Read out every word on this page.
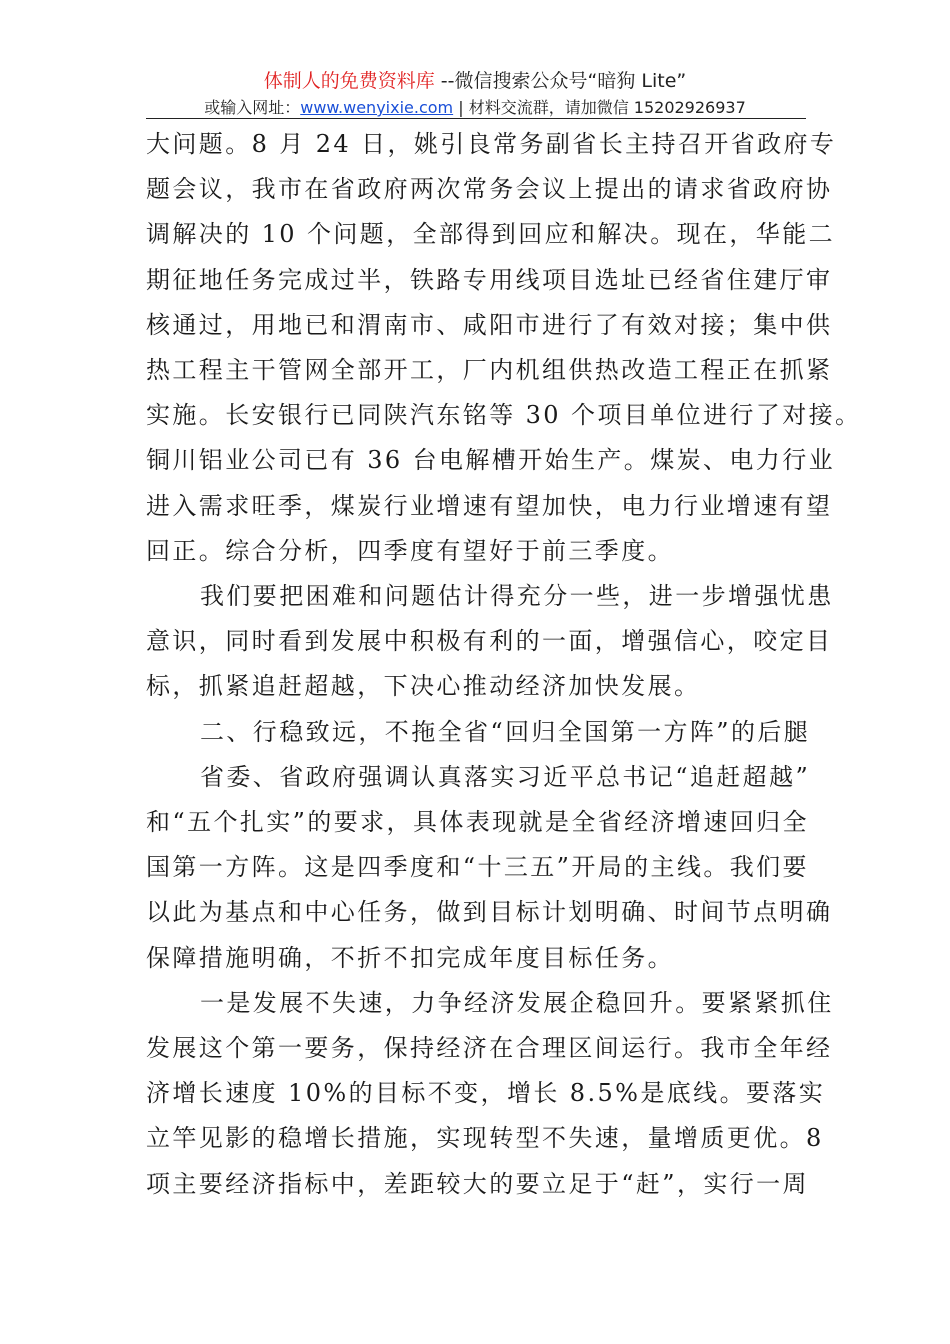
体制人的免费资料库 --微信搜索公众号“暗狗 Lite”
或输入网址：www.wenyixie.com | 材料交流群，请加微信 15202926937

大问题。8 月 24 日，姚引良常务副省长主持召开省政府专

题会议，我市在省政府两次常务会议上提出的请求省政府协

调解决的 10 个问题，全部得到回应和解决。现在，华能二

期征地任务完成过半，铁路专用线项目选址已经省住建厅审

核通过，用地已和渭南市、咸阳市进行了有效对接；集中供

热工程主干管网全部开工，厂内机组供热改造工程正在抓紧

实施。长安银行已同陕汽东铭等 30 个项目单位进行了对接。

铜川铝业公司已有 36 台电解槽开始生产。煤炭、电力行业

进入需求旺季，煤炭行业增速有望加快，电力行业增速有望

回正。综合分析，四季度有望好于前三季度。

我们要把困难和问题估计得充分一些，进一步增强忧患

意识，同时看到发展中积极有利的一面，增强信心，咬定目

标，抓紧追赶超越，下决心推动经济加快发展。

二、行稳致远，不拖全省“回归全国第一方阵”的后腿

省委、省政府强调认真落实习近平总书记“追赶超越”

和“五个扎实”的要求，具体表现就是全省经济增速回归全

国第一方阵。这是四季度和“十三五”开局的主线。我们要

以此为基点和中心任务，做到目标计划明确、时间节点明确

保障措施明确，不折不扣完成年度目标任务。

一是发展不失速，力争经济发展企稳回升。要紧紧抓住

发展这个第一要务，保持经济在合理区间运行。我市全年经

济增长速度 10%的目标不变，增长 8.5%是底线。要落实

立竿见影的稳增长措施，实现转型不失速，量增质更优。8

项主要经济指标中，差距较大的要立足于“赶”，实行一周
